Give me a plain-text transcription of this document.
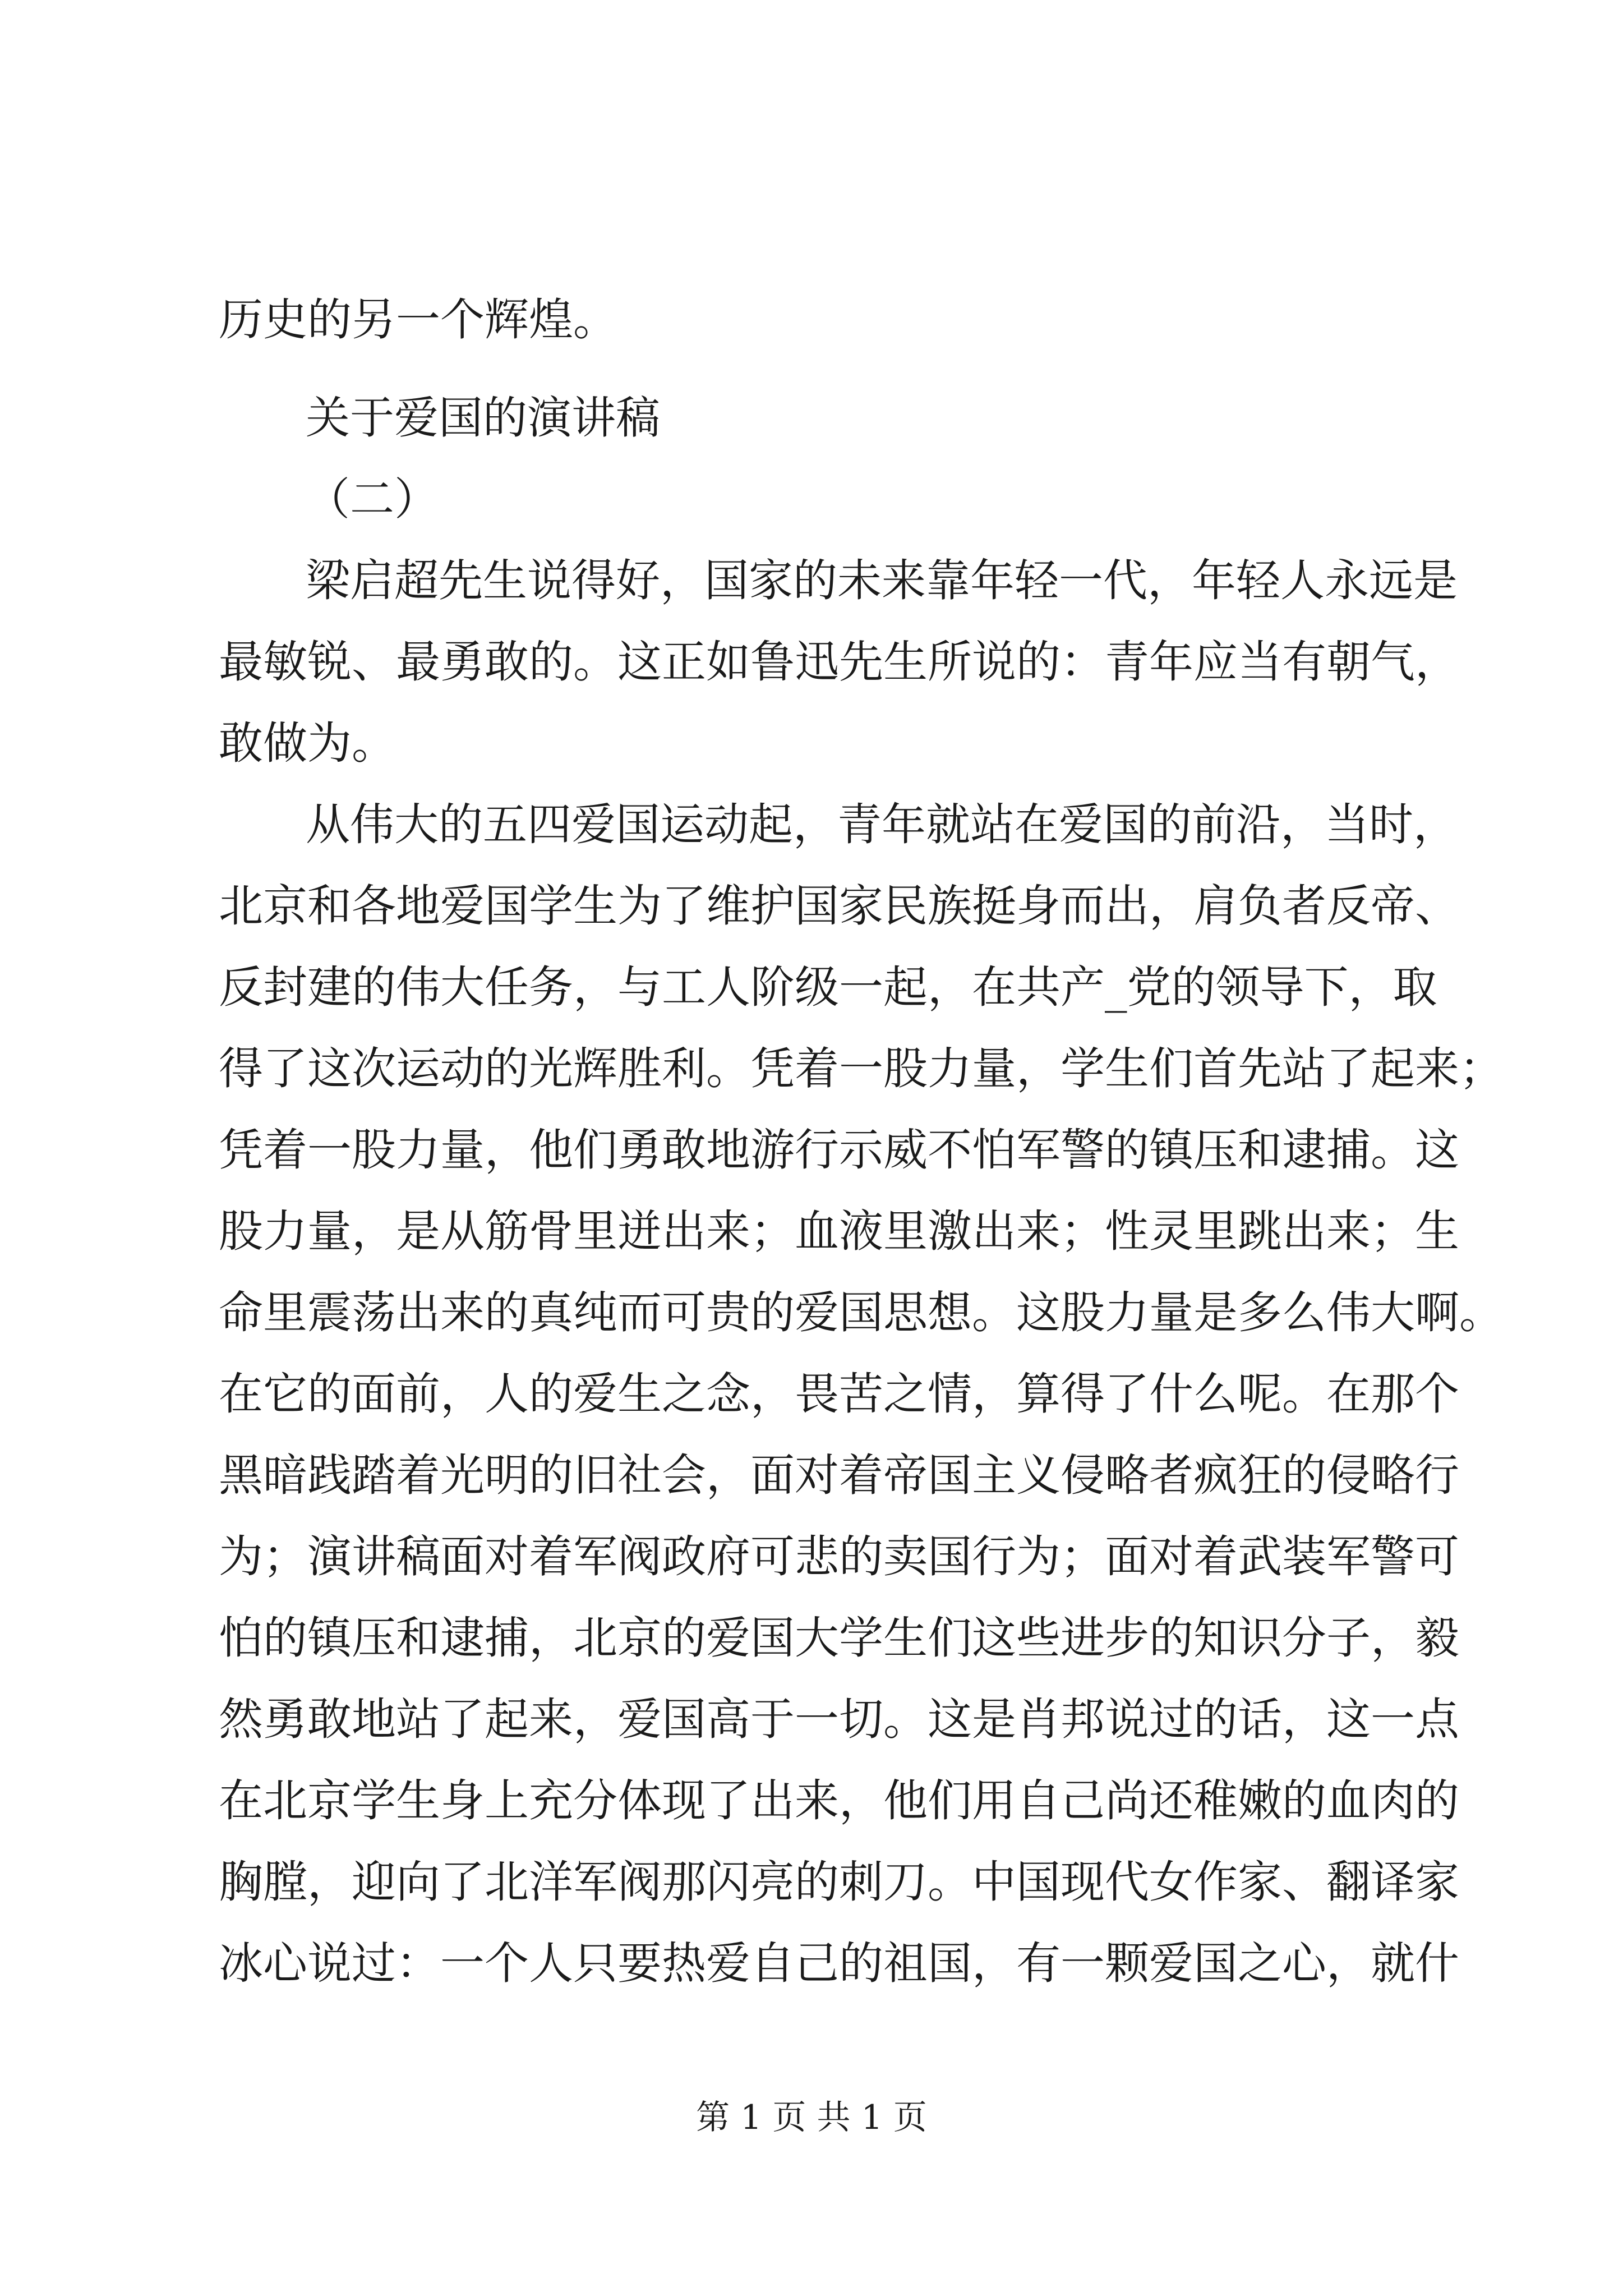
历史的另一个辉煌。
关于爱国的演讲稿
（二）
梁启超先生说得好，国家的未来靠年轻一代，年轻人永远是
最敏锐、最勇敢的。这正如鲁迅先生所说的：青年应当有朝气，
敢做为。
从伟大的五四爱国运动起，青年就站在爱国的前沿，当时，
北京和各地爱国学生为了维护国家民族挺身而出，肩负者反帝、
反封建的伟大任务，与工人阶级一起，在共产_党的领导下，取
得了这次运动的光辉胜利。凭着一股力量，学生们首先站了起来；
凭着一股力量，他们勇敢地游行示威不怕军警的镇压和逮捕。这
股力量，是从筋骨里迸出来；血液里激出来；性灵里跳出来；生
命里震荡出来的真纯而可贵的爱国思想。这股力量是多么伟大啊。
在它的面前，人的爱生之念，畏苦之情，算得了什么呢。在那个
黑暗践踏着光明的旧社会，面对着帝国主义侵略者疯狂的侵略行
为；演讲稿面对着军阀政府可悲的卖国行为；面对着武装军警可
怕的镇压和逮捕，北京的爱国大学生们这些进步的知识分子，毅
然勇敢地站了起来，爱国高于一切。这是肖邦说过的话，这一点
在北京学生身上充分体现了出来，他们用自己尚还稚嫩的血肉的
胸膛，迎向了北洋军阀那闪亮的刺刀。中国现代女作家、翻译家
冰心说过：一个人只要热爱自己的祖国，有一颗爱国之心，就什
第 1 页 共 1 页
